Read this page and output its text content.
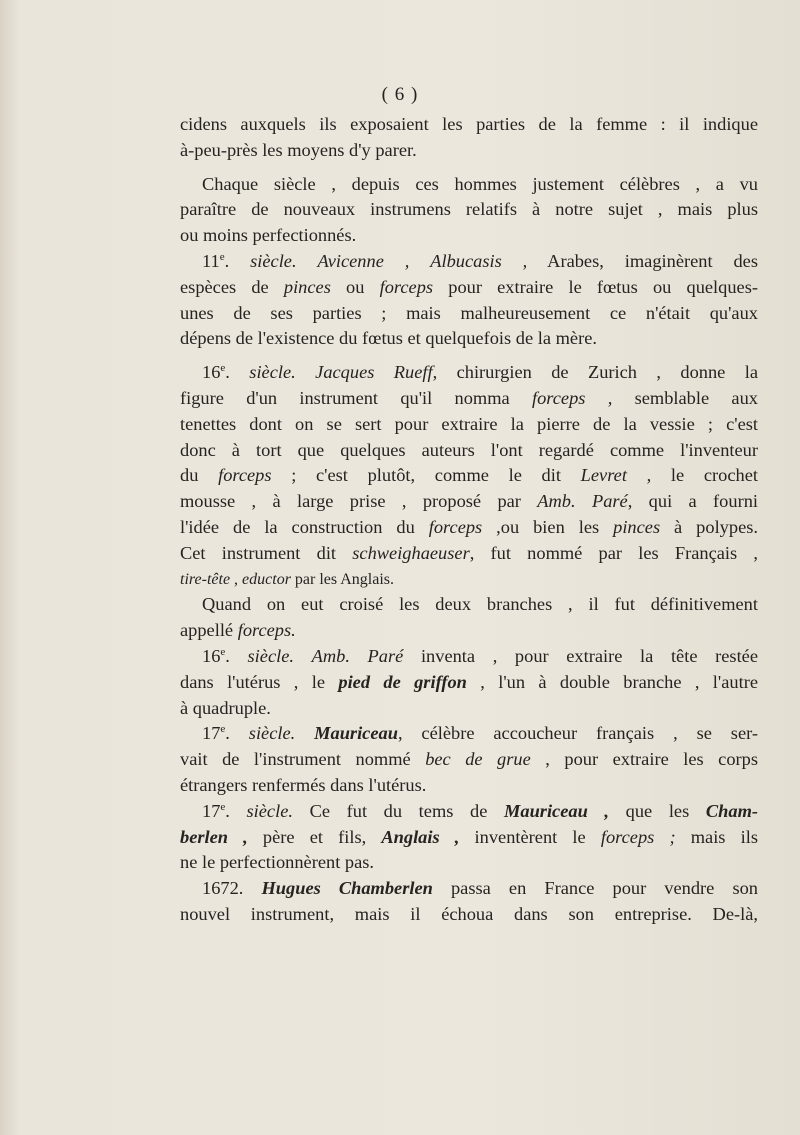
( 6 )
cidens auxquels ils exposaient les parties de la femme : il indique
à-peu-près les moyens d'y parer.
Chaque siècle , depuis ces hommes justement célèbres , a vu
paraître de nouveaux instrumens relatifs à notre sujet , mais plus
ou moins perfectionnés.
11e. siècle. Avicenne , Albucasis , Arabes, imaginèrent des
espèces de pinces ou forceps pour extraire le fœtus ou quelques-
unes de ses parties ; mais malheureusement ce n'était qu'aux
dépens de l'existence du fœtus et quelquefois de la mère.
16e. siècle. Jacques Rueff, chirurgien de Zurich , donne la
figure d'un instrument qu'il nomma forceps , semblable aux
tenettes dont on se sert pour extraire la pierre de la vessie ; c'est
donc à tort que quelques auteurs l'ont regardé comme l'inventeur
du forceps ; c'est plutôt, comme le dit Levret , le crochet
mousse , à large prise , proposé par Amb. Paré, qui a fourni
l'idée de la construction du forceps ,ou bien les pinces à polypes.
Cet instrument dit schweighaeuser, fut nommé par les Français ,
tire-tête , eductor par les Anglais.
Quand on eut croisé les deux branches , il fut définitivement
appellé forceps.
16e. siècle. Amb. Paré inventa , pour extraire la tête restée
dans l'utérus , le pied de griffon , l'un à double branche , l'autre
à quadruple.
17e. siècle. Mauriceau, célèbre accoucheur français , se ser-
vait de l'instrument nommé bec de grue , pour extraire les corps
étrangers renfermés dans l'utérus.
17e. siècle. Ce fut du tems de Mauriceau , que les Cham-
berlen , père et fils, Anglais , inventèrent le forceps ; mais ils
ne le perfectionnèrent pas.
1672. Hugues Chamberlen passa en France pour vendre son
nouvel instrument, mais il échoua dans son entreprise. De-là,
